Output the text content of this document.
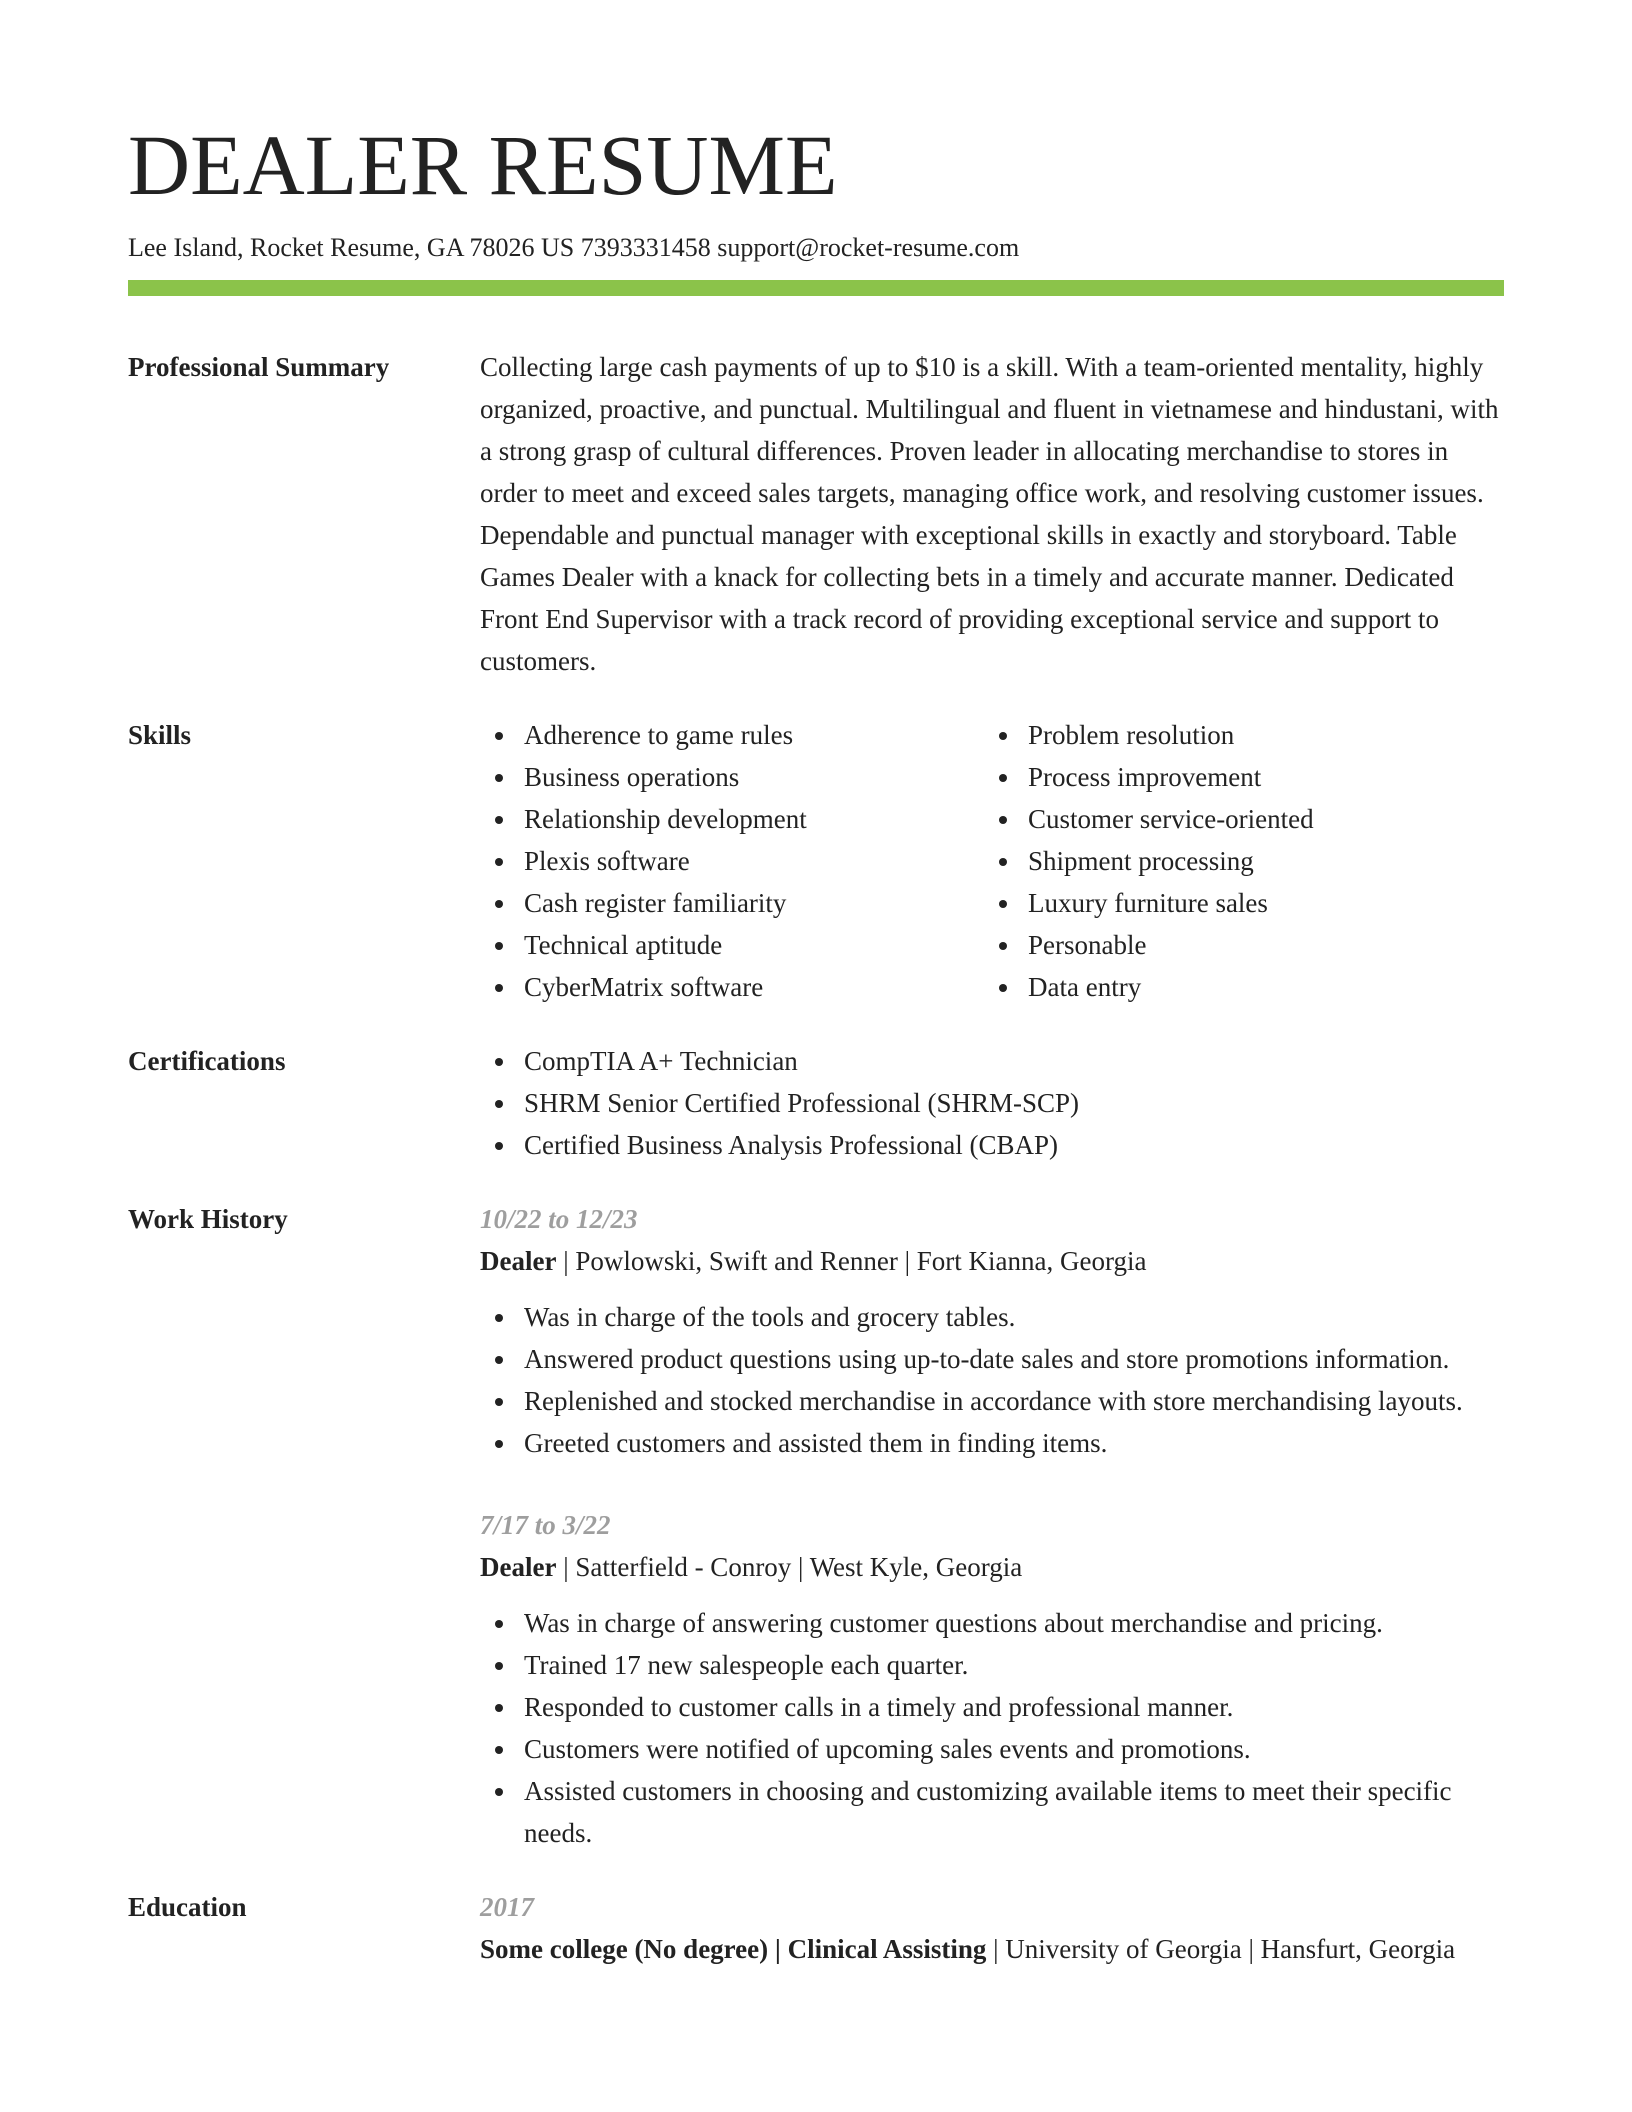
DEALER RESUME
Lee Island, Rocket Resume, GA 78026 US 7393331458 support@rocket-resume.com
Professional Summary	Collecting large cash payments of up to $10 is a skill. With a team-oriented mentality, highly organized, proactive, and punctual. Multilingual and fluent in vietnamese and hindustani, with a strong grasp of cultural differences. Proven leader in allocating merchandise to stores in order to meet and exceed sales targets, managing office work, and resolving customer issues. Dependable and punctual manager with exceptional skills in exactly and storyboard. Table Games Dealer with a knack for collecting bets in a timely and accurate manner. Dedicated Front End Supervisor with a track record of providing exceptional service and support to customers.
Skills	Adherence to game rules
Business operations
Relationship development
Plexis software
Cash register familiarity
Technical aptitude
CyberMatrix software
Problem resolution
Process improvement
Customer service-oriented
Shipment processing
Luxury furniture sales
Personable
Data entry
Certifications	CompTIA A+ Technician
SHRM Senior Certified Professional (SHRM-SCP)
Certified Business Analysis Professional (CBAP)
Work History	10/22 to 12/23
Dealer | Powlowski, Swift and Renner | Fort Kianna, Georgia
Was in charge of the tools and grocery tables.
Answered product questions using up-to-date sales and store promotions information.
Replenished and stocked merchandise in accordance with store merchandising layouts.
Greeted customers and assisted them in finding items.
7/17 to 3/22
Dealer | Satterfield - Conroy | West Kyle, Georgia
Was in charge of answering customer questions about merchandise and pricing.
Trained 17 new salespeople each quarter.
Responded to customer calls in a timely and professional manner.
Customers were notified of upcoming sales events and promotions.
Assisted customers in choosing and customizing available items to meet their specific needs.
Education	2017
Some college (No degree) | Clinical Assisting | University of Georgia | Hansfurt, Georgia
